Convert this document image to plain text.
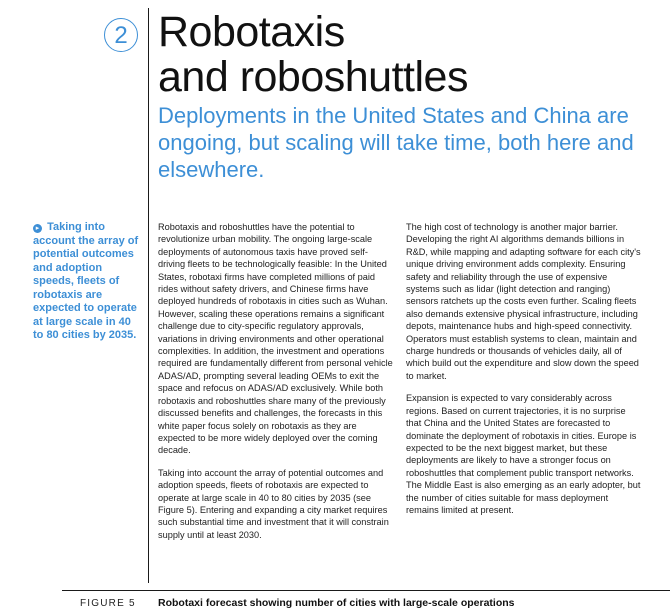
2 Robotaxis
and roboshuttles
Deployments in the United States and China are ongoing, but scaling will take time, both here and elsewhere.
▸ Taking into account the array of potential outcomes and adoption speeds, fleets of robotaxis are expected to operate at large scale in 40 to 80 cities by 2035.

Robotaxis and roboshuttles have the potential to revolutionize urban mobility. The ongoing large-scale deployments of autonomous taxis have proved self-driving fleets to be technologically feasible: In the United States, robotaxi firms have completed millions of paid rides without safety drivers, and Chinese firms have deployed hundreds of robotaxis in cities such as Wuhan. However, scaling these operations remains a significant challenge due to city-specific regulatory approvals, variations in driving environments and other operational complexities. In addition, the investment and operations required are fundamentally different from personal vehicle ADAS/AD, prompting several leading OEMs to exit the space and refocus on ADAS/AD exclusively. While both robotaxis and roboshuttles share many of the previously discussed benefits and challenges, the forecasts in this white paper focus solely on robotaxis as they are expected to be more widely deployed over the coming decade.

Taking into account the array of potential outcomes and adoption speeds, fleets of robotaxis are expected to operate at large scale in 40 to 80 cities by 2035 (see Figure 5). Entering and expanding a city market requires such substantial time and investment that it will constrain supply until at least 2030.

The high cost of technology is another major barrier. Developing the right AI algorithms demands billions in R&D, while mapping and adapting software for each city's unique driving environment adds complexity. Ensuring safety and reliability through the use of expensive systems such as lidar (light detection and ranging) sensors ratchets up the costs even further. Scaling fleets also demands extensive physical infrastructure, including depots, maintenance hubs and high-speed connectivity. Operators must establish systems to clean, maintain and charge hundreds or thousands of vehicles daily, all of which build out the expenditure and slow down the speed to market.

Expansion is expected to vary considerably across regions. Based on current trajectories, it is no surprise that China and the United States are forecasted to dominate the deployment of robotaxis in cities. Europe is expected to be the next biggest market, but these deployments are likely to have a stronger focus on roboshuttles that complement public transport networks. The Middle East is also emerging as an early adopter, but the number of cities suitable for mass deployment remains limited at present.

FIGURE 5 Robotaxi forecast showing number of cities with large-scale operations
